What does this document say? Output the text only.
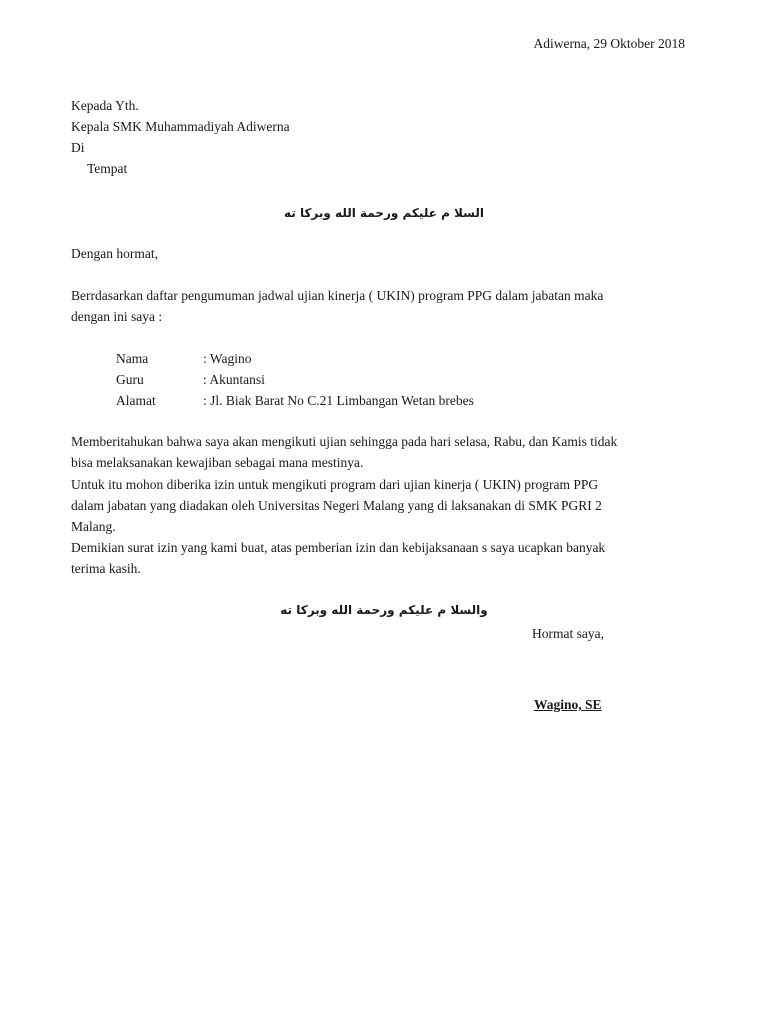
Adiwerna, 29 Oktober 2018
Kepada Yth.
Kepala SMK Muhammadiyah Adiwerna
Di
Tempat
السلا م عليكم ورحمة الله وبركا ته
Dengan hormat,
Berrdasarkan daftar pengumuman jadwal ujian kinerja ( UKIN) program PPG dalam jabatan maka
dengan ini saya :
Nama	: Wagino
Guru	: Akuntansi
Alamat	: Jl. Biak Barat No C.21 Limbangan Wetan brebes
Memberitahukan bahwa saya akan mengikuti ujian sehingga pada hari selasa, Rabu, dan Kamis tidak
bisa melaksanakan kewajiban sebagai mana mestinya.
Untuk itu mohon diberika izin untuk mengikuti program dari ujian kinerja ( UKIN) program PPG
dalam jabatan yang diadakan oleh Universitas Negeri Malang yang di laksanakan di SMK PGRI 2
Malang.
Demikian surat izin yang kami buat, atas pemberian izin dan kebijaksanaan s saya ucapkan banyak
terima kasih.
والسلا م عليكم ورحمة الله وبركا ته
Hormat saya,
Wagino, SE
